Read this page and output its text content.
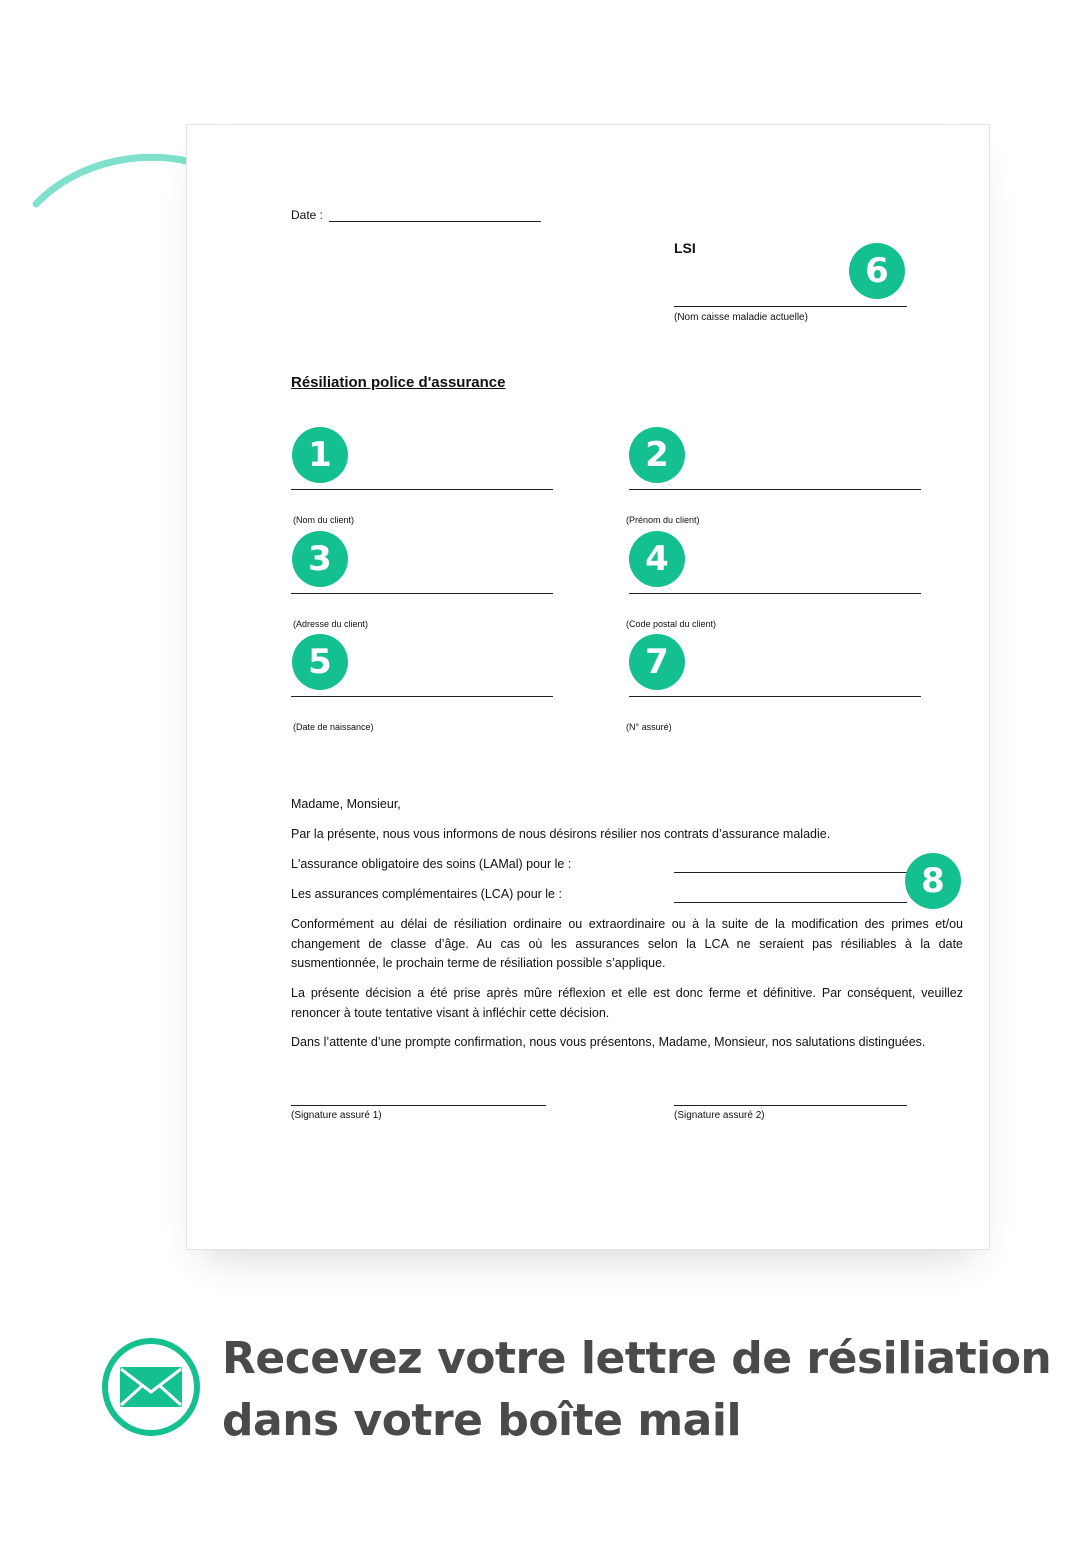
Date :
LSI
6
(Nom caisse maladie actuelle)
Résiliation police d'assurance
1
(Nom du client)
2
(Prénom du client)
3
(Adresse du client)
4
(Code postal du client)
5
(Date de naissance)
7
(N° assuré)
Madame, Monsieur,
Par la présente, nous vous informons de nous désirons résilier nos contrats d’assurance maladie.
L'assurance obligatoire des soins (LAMal) pour le :
Les assurances complémentaires (LCA) pour le :	8
Conformément au délai de résiliation ordinaire ou extraordinaire ou à la suite de la modification des primes et/ou changement de classe d’âge. Au cas où les assurances selon la LCA ne seraient pas résiliables à la date susmentionnée, le prochain terme de résiliation possible s’applique.
La présente décision a été prise après mûre réflexion et elle est donc ferme et définitive. Par conséquent, veuillez renoncer à toute tentative visant à infléchir cette décision.
Dans l’attente d’une prompte confirmation, nous vous présentons, Madame, Monsieur, nos salutations distinguées.
(Signature assuré 1)	(Signature assuré 2)
Recevez votre lettre de résiliation
dans votre boîte mail
